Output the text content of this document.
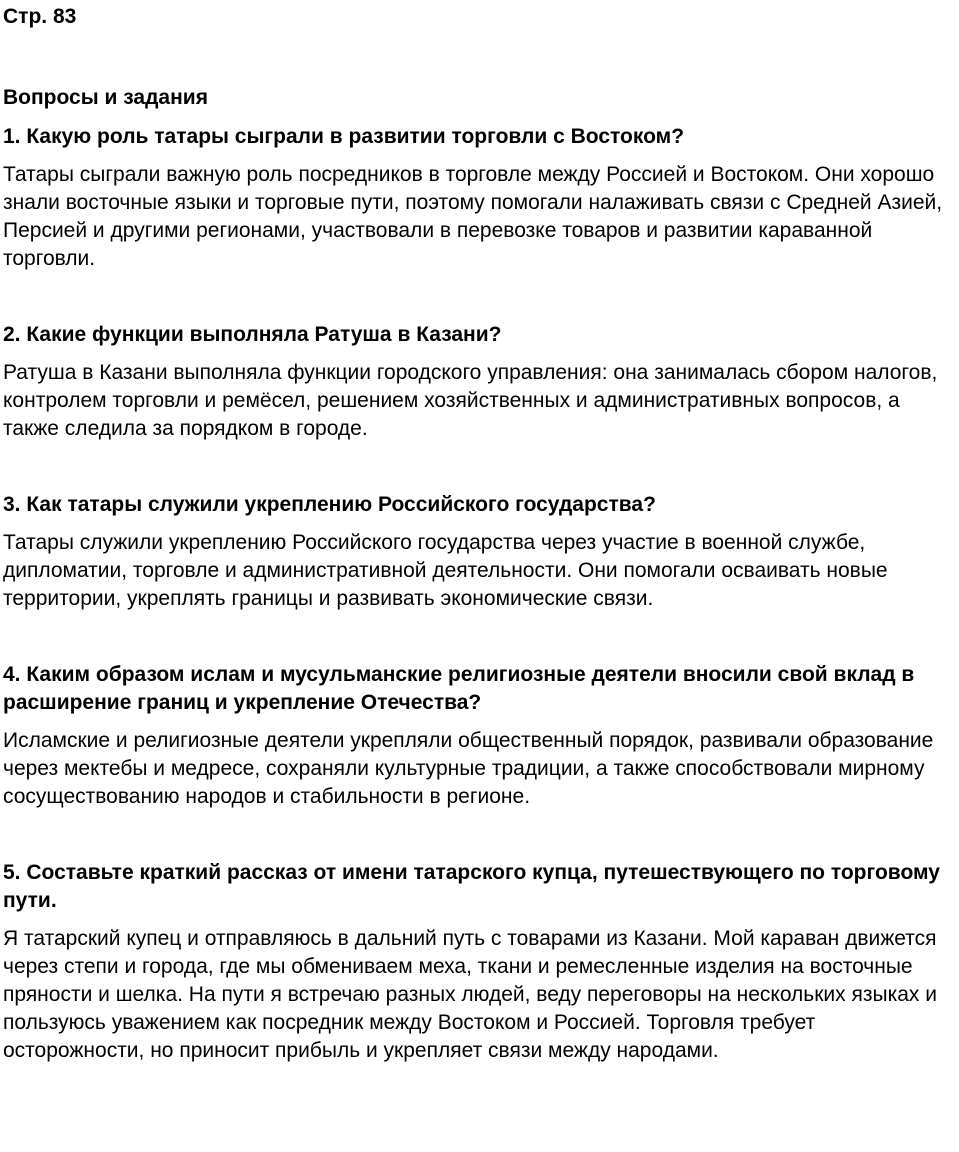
Стр. 83

Вопросы и задания

1. Какую роль татары сыграли в развитии торговли с Востоком?

Татары сыграли важную роль посредников в торговле между Россией и Востоком. Они хорошо знали восточные языки и торговые пути, поэтому помогали налаживать связи с Средней Азией, Персией и другими регионами, участвовали в перевозке товаров и развитии караванной торговли.

2. Какие функции выполняла Ратуша в Казани?

Ратуша в Казани выполняла функции городского управления: она занималась сбором налогов, контролем торговли и ремёсел, решением хозяйственных и административных вопросов, а также следила за порядком в городе.

3. Как татары служили укреплению Российского государства?

Татары служили укреплению Российского государства через участие в военной службе, дипломатии, торговле и административной деятельности. Они помогали осваивать новые территории, укреплять границы и развивать экономические связи.

4. Каким образом ислам и мусульманские религиозные деятели вносили свой вклад в расширение границ и укрепление Отечества?

Исламские и религиозные деятели укрепляли общественный порядок, развивали образование через мектебы и медресе, сохраняли культурные традиции, а также способствовали мирному сосуществованию народов и стабильности в регионе.

5. Составьте краткий рассказ от имени татарского купца, путешествующего по торговому пути.

Я татарский купец и отправляюсь в дальний путь с товарами из Казани. Мой караван движется через степи и города, где мы обмениваем меха, ткани и ремесленные изделия на восточные пряности и шелка. На пути я встречаю разных людей, веду переговоры на нескольких языках и пользуюсь уважением как посредник между Востоком и Россией. Торговля требует осторожности, но приносит прибыль и укрепляет связи между народами.
